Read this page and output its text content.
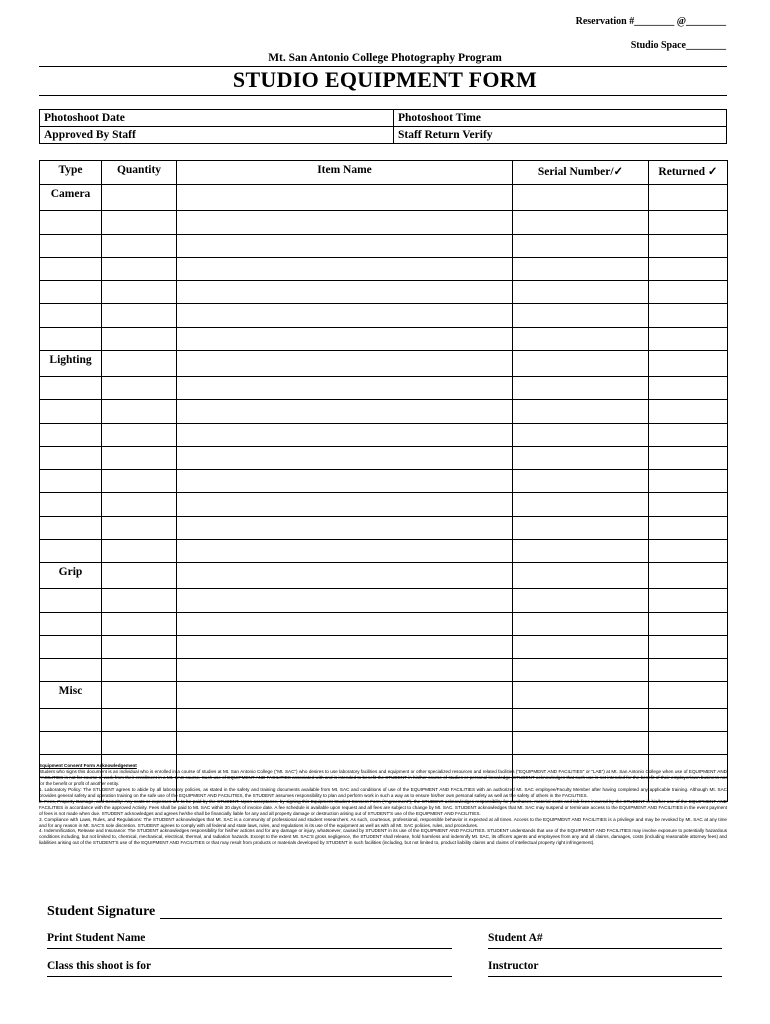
Reservation #________ @________
Studio Space________
Mt. San Antonio College Photography Program
STUDIO EQUIPMENT FORM
Photoshoot Date	Photoshoot Time
Approved By Staff	Staff Return Verify
Type	Quantity	Item Name	Serial Number/✓	Returned ✓
Camera				

Lighting				

Grip				

Misc				

Equipment Consent Form Acknowledgement

Student who signs this document is an individual who is enrolled in a course of studies at Mt. San Antonio College ("Mt. SAC") who desires to use laboratory facilities and equipment or other specialized resources and related facilities ("EQUIPMENT AND FACILITIES" or "LAB") at Mt. San Antonio College when use of EQUIPMENT AND FACILITIES is not for course of work from their enrollment in a Mt. SAC course. Such use of EQUIPMENT AND FACILITIES associated with and is intended to benefit the STUDENT in his/her course of studies or personal knowledge. STUDENT acknowledges that such use is not intended for the benefit of their employer/own business nor for the benefit or profit of another entity.

1. Laboratory Policy: The STUDENT agrees to abide by all laboratory policies, as stated in the safety and training documents available from Mt. SAC and conditions of use of the EQUIPMENT AND FACILITIES with an authorized Mt. SAC employee/Faculty Member after having completed any applicable training. Although Mt. SAC provides general safety and operation training on the safe use of the EQUIPMENT AND FACILITIES, the STUDENT assumes responsibility to plan and perform work in such a way as to ensure his/her own personal safety as well as the safety of others in the FACILITIES.

2. Fees, Property Damage, and Security: Any costs or expenses are to be paid by the STUDENT. Upon acceptance, by signing this Equipment Student Consent Form ("Agreement"), the STUDENT acknowledges responsibility for purchases, material costs and lab fees incurred by the STUDENT in his/her use of the EQUIPMENT AND FACILITIES in accordance with the approved Activity. Fees shall be paid to Mt. SAC within 30 days of invoice date. A fee schedule is available upon request and all fees are subject to change by Mt. SAC. STUDENT acknowledges that Mt. SAC may suspend or terminate access to the EQUIPMENT AND FACILITIES in the event payment of fees is not made when due. STUDENT acknowledges and agrees he/she shall be financially liable for any and all property damage or destruction arising out of STUDENT'S use of the EQUIPMENT AND FACILITIES.

3. Compliance with Laws, Rules, and Regulations: The STUDENT acknowledges that Mt. SAC is a community of professional and student researchers. As such, courteous, professional, responsible behavior is expected at all times. Access to the EQUIPMENT AND FACILITIES is a privilege and may be revoked by Mt. SAC at any time and for any reason in Mt. SAC'S sole discretion. STUDENT agrees to comply with all federal and state laws, rules, and regulations in its use of the equipment as well as with all Mt. SAC policies, rules, and procedures.

4. Indemnification, Release and Insurance: The STUDENT acknowledges responsibility for his/her actions and for any damage or injury, whatsoever, caused by STUDENT in its use of the EQUIPMENT AND FACILITIES. STUDENT understands that use of the EQUIPMENT AND FACILITIES may involve exposure to potentially hazardous conditions including, but not limited to, chemical, mechanical, electrical, thermal, and radiation hazards. Except to the extent Mt. SAC'S gross negligence, the STUDENT shall release, hold harmless and indemnify Mt. SAC, its officers agents and employees from any and all claims, damages, costs (including reasonable attorney fees) and liabilities arising out of the STUDENT'S use of the EQUIPMENT AND FACILITIES or that may result from products or materials developed by STUDENT in such facilities (including, but not limited to, product liability claims and claims of intellectual property right infringement).

Student Signature
Print Student Name	Student A#
Class this shoot is for	Instructor
